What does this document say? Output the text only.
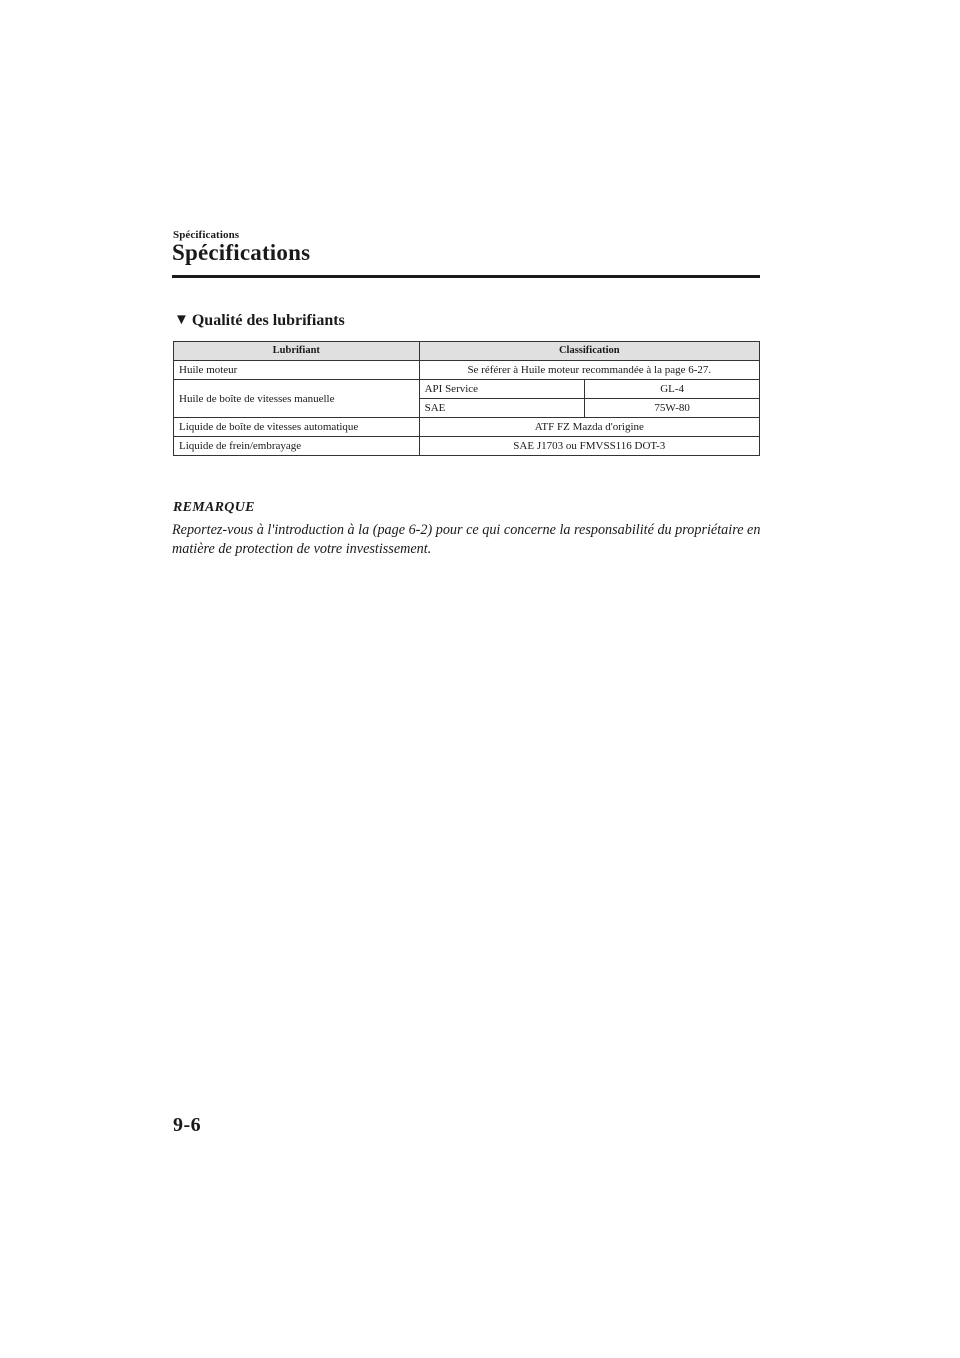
Spécifications
Spécifications
▼ Qualité des lubrifiants
Lubrifiant	Classification	
Huile moteur	Se référer à Huile moteur recommandée à la page 6-27.	
Huile de boîte de vitesses manuelle	API Service	GL-4
	SAE	75W-80
Liquide de boîte de vitesses automatique	ATF FZ Mazda d'origine	
Liquide de frein/embrayage	SAE J1703 ou FMVSS116 DOT-3	
REMARQUE
Reportez-vous à l'introduction à la (page 6-2) pour ce qui concerne la responsabilité du propriétaire en matière de protection de votre investissement.
9-6
